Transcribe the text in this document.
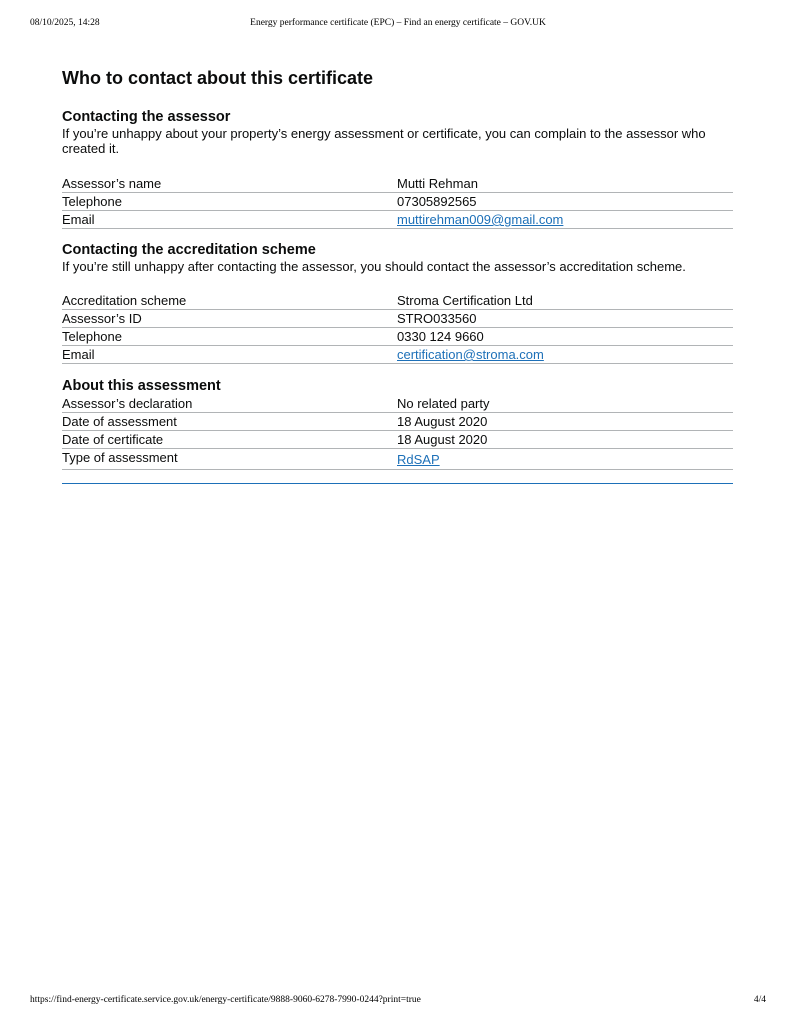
08/10/2025, 14:28	Energy performance certificate (EPC) – Find an energy certificate – GOV.UK
Who to contact about this certificate
Contacting the assessor

If you’re unhappy about your property’s energy assessment or certificate, you can complain to the assessor who created it.

Assessor’s name	Mutti Rehman
Telephone	07305892565
Email	muttirehman009@gmail.com
Contacting the accreditation scheme

If you’re still unhappy after contacting the assessor, you should contact the assessor’s accreditation scheme.

Accreditation scheme	Stroma Certification Ltd
Assessor’s ID	STRO033560
Telephone	0330 124 9660
Email	certification@stroma.com
About this assessment
Assessor’s declaration	No related party
Date of assessment	18 August 2020
Date of certificate	18 August 2020
Type of assessment	RdSAP
https://find-energy-certificate.service.gov.uk/energy-certificate/9888-9060-6278-7990-0244?print=true	4/4
